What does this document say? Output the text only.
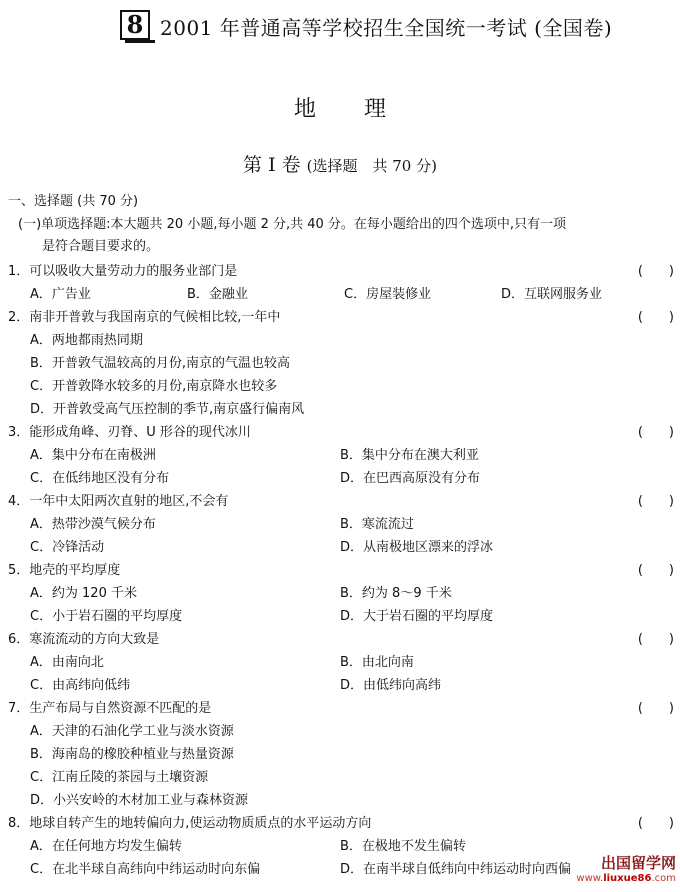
8 2001 年普通高等学校招生全国统一考试 (全国卷)
地理
第 Ⅰ 卷 (选择题　共 70 分)
一、选择题 (共 70 分)
(一)单项选择题:本大题共 20 小题,每小题 2 分,共 40 分。在每小题给出的四个选项中,只有一项
是符合题目要求的。
1．可以吸收大量劳动力的服务业部门是	(　　)
A．广告业	B．金融业	C．房屋装修业	D．互联网服务业
2．南非开普敦与我国南京的气候相比较,一年中	(　　)
A．两地都雨热同期
B．开普敦气温较高的月份,南京的气温也较高
C．开普敦降水较多的月份,南京降水也较多
D．开普敦受高气压控制的季节,南京盛行偏南风
3．能形成角峰、刃脊、U 形谷的现代冰川	(　　)
A．集中分布在南极洲	B．集中分布在澳大利亚
C．在低纬地区没有分布	D．在巴西高原没有分布
4．一年中太阳两次直射的地区,不会有	(　　)
A．热带沙漠气候分布	B．寒流流过
C．冷锋活动	D．从南极地区漂来的浮冰
5．地壳的平均厚度	(　　)
A．约为 120 千米	B．约为 8～9 千米
C．小于岩石圈的平均厚度	D．大于岩石圈的平均厚度
6．寒流流动的方向大致是	(　　)
A．由南向北	B．由北向南
C．由高纬向低纬	D．由低纬向高纬
7．生产布局与自然资源不匹配的是	(　　)
A．天津的石油化学工业与淡水资源
B．海南岛的橡胶种植业与热量资源
C．江南丘陵的茶园与土壤资源
D．小兴安岭的木材加工业与森林资源
8．地球自转产生的地转偏向力,使运动物质质点的水平运动方向	(　　)
A．在任何地方均发生偏转	B．在极地不发生偏转
C．在北半球自高纬向中纬运动时向东偏	D．在南半球自低纬向中纬运动时向西偏	出国留学网
www.liuxue86.com
